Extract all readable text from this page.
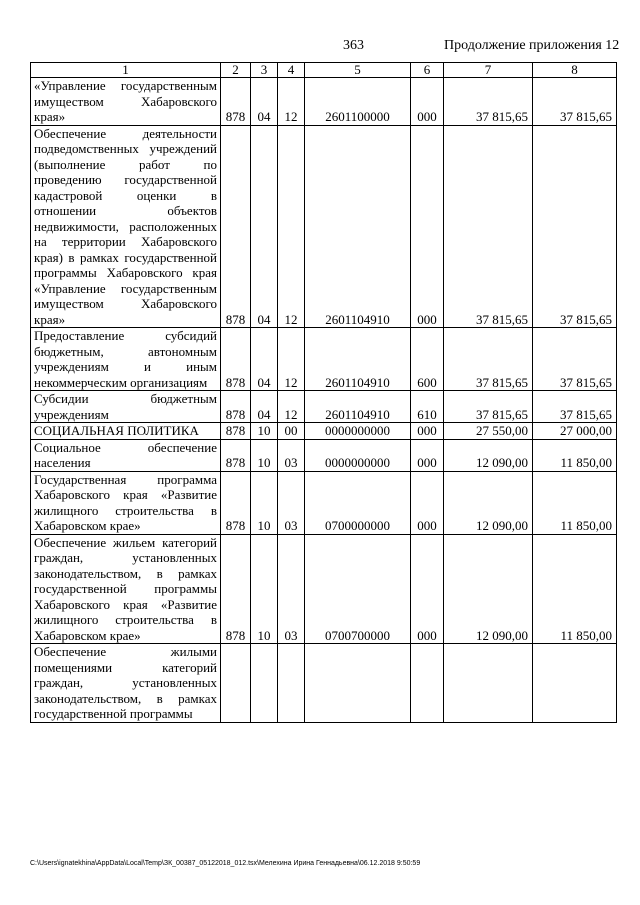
363	Продолжение приложения 12
1	2	3	4	5	6	7	8
«Управление государственным имуществом Хабаровского края»	878	04	12	2601100000	000	37 815,65	37 815,65
Обеспечение деятельности подведомственных учреждений (выполнение работ по проведению государственной кадастровой оценки в отношении объектов недвижимости, расположенных на территории Хабаровского края) в рамках государственной программы Хабаровского края «Управление государственным имуществом Хабаровского края»	878	04	12	2601104910	000	37 815,65	37 815,65
Предоставление субсидий бюджетным, автономным учреждениям и иным некоммерческим организациям	878	04	12	2601104910	600	37 815,65	37 815,65
Субсидии бюджетным учреждениям	878	04	12	2601104910	610	37 815,65	37 815,65
СОЦИАЛЬНАЯ ПОЛИТИКА	878	10	00	0000000000	000	27 550,00	27 000,00
Социальное обеспечение населения	878	10	03	0000000000	000	12 090,00	11 850,00
Государственная программа Хабаровского края «Развитие жилищного строительства в Хабаровском крае»	878	10	03	0700000000	000	12 090,00	11 850,00
Обеспечение жильем категорий граждан, установленных законодательством, в рамках государственной программы Хабаровского края «Развитие жилищного строительства в Хабаровском крае»	878	10	03	0700700000	000	12 090,00	11 850,00
Обеспечение жилыми помещениями категорий граждан, установленных законодательством, в рамках государственной программы							
C:\Users\ignatekhina\AppData\Local\Temp\ЗК_00387_05122018_012.tsx\Мелехина Ирина Геннадьевна\06.12.2018 9:50:59
